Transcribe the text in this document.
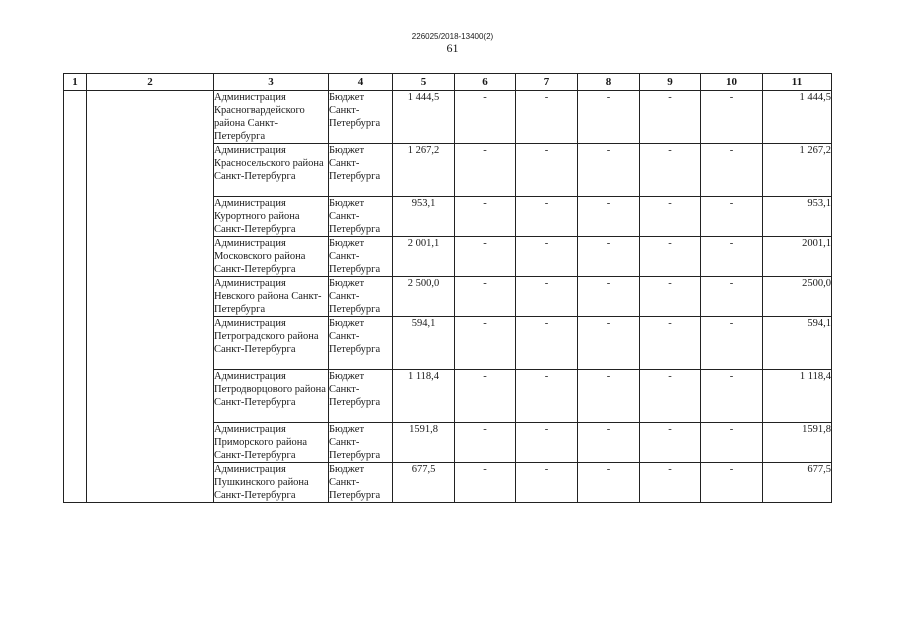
226025/2018-13400(2)
61
1	2	3	4	5	6	7	8	9	10	11
		Администрация Красногвардейского района Санкт-Петербурга	Бюджет Санкт-Петербурга	1 444,5	-	-	-	-	-	1 444,5
		Администрация Красносельского района Санкт-Петербурга	Бюджет Санкт-Петербурга	1 267,2	-	-	-	-	-	1 267,2
		Администрация Курортного района Санкт-Петербурга	Бюджет Санкт-Петербурга	953,1	-	-	-	-	-	953,1
		Администрация Московского района Санкт-Петербурга	Бюджет Санкт-Петербурга	2 001,1	-	-	-	-	-	2001,1
		Администрация Невского района Санкт-Петербурга	Бюджет Санкт-Петербурга	2 500,0	-	-	-	-	-	2500,0
		Администрация Петроградского района Санкт-Петербурга	Бюджет Санкт-Петербурга	594,1	-	-	-	-	-	594,1
		Администрация Петродворцового района Санкт-Петербурга	Бюджет Санкт-Петербурга	1 118,4	-	-	-	-	-	1 118,4
		Администрация Приморского района Санкт-Петербурга	Бюджет Санкт-Петербурга	1591,8	-	-	-	-	-	1591,8
		Администрация Пушкинского района Санкт-Петербурга	Бюджет Санкт-Петербурга	677,5	-	-	-	-	-	677,5
